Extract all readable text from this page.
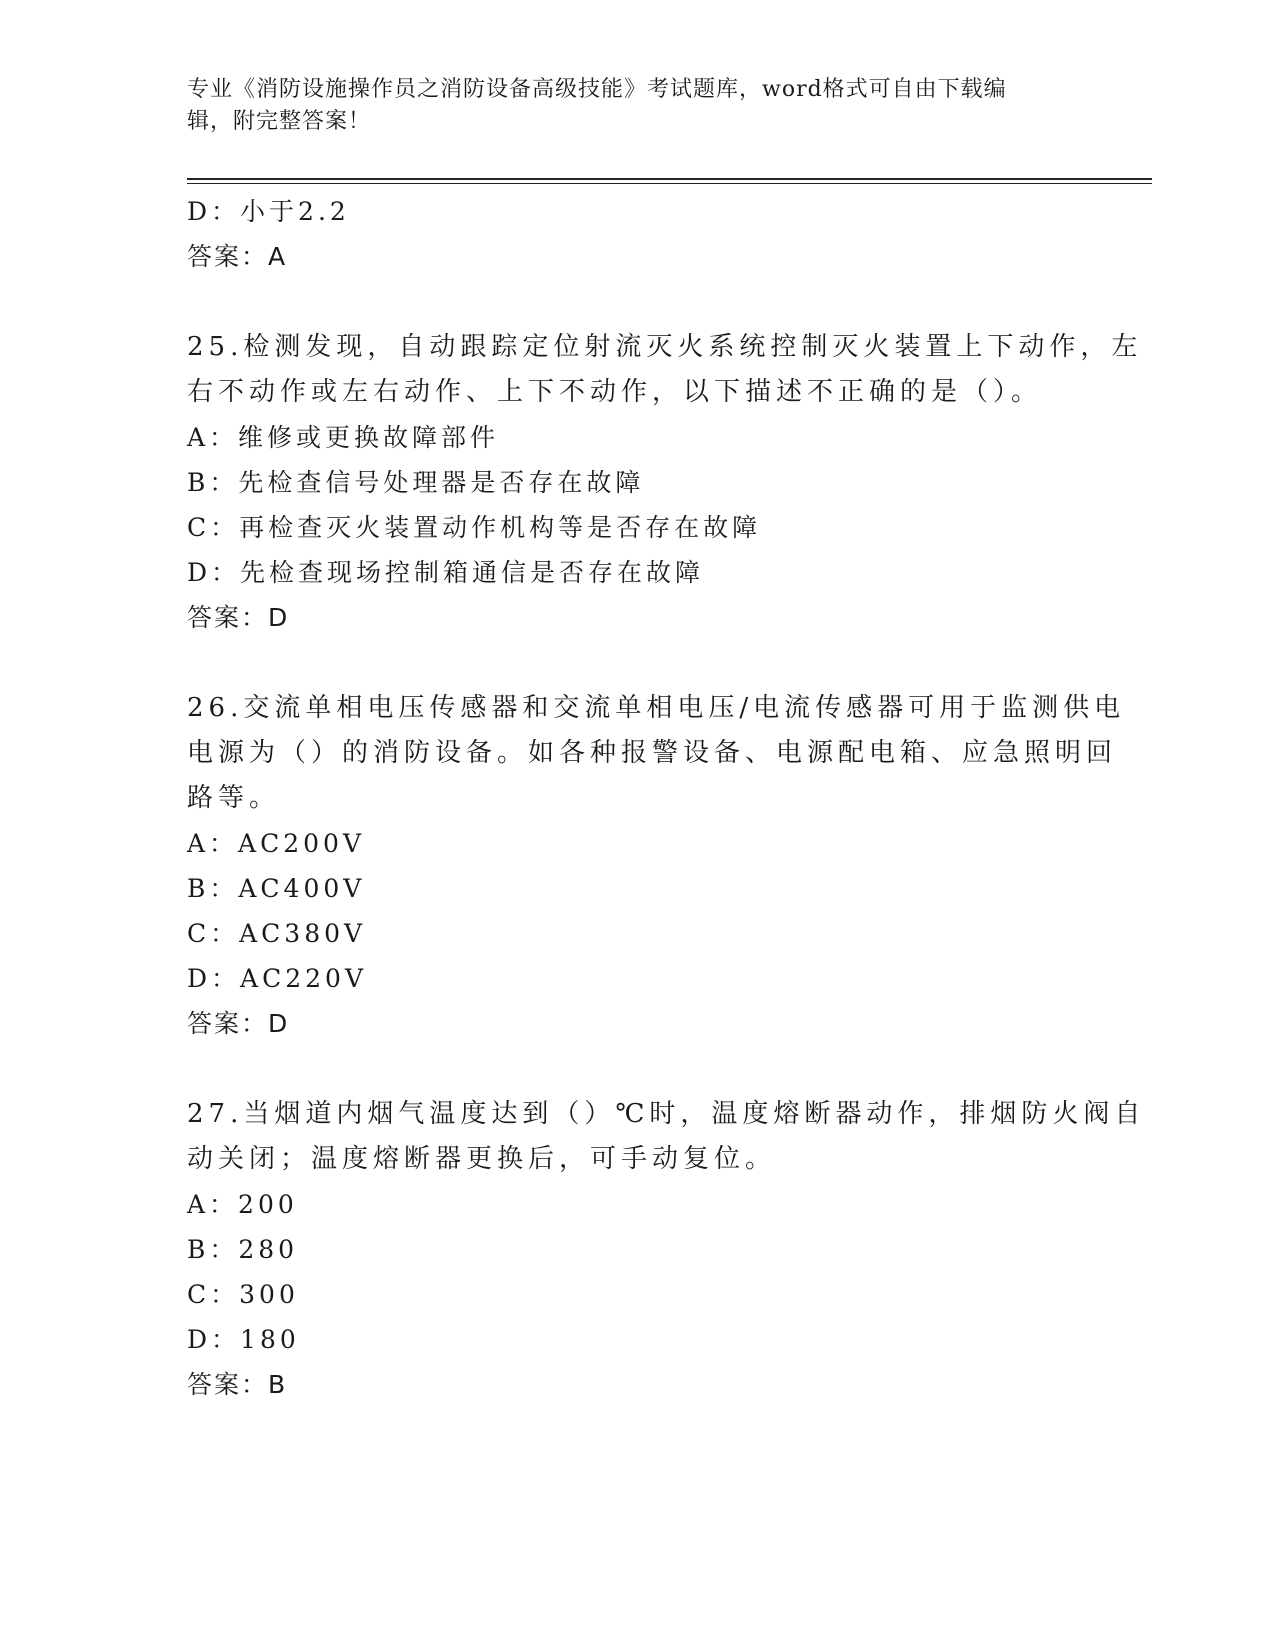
专业《消防设施操作员之消防设备高级技能》考试题库，word格式可自由下载编
辑，附完整答案！
D：小于2.2
答案：A
25.检测发现，自动跟踪定位射流灭火系统控制灭火装置上下动作，左
右不动作或左右动作、上下不动作，以下描述不正确的是（）。
A：维修或更换故障部件
B：先检查信号处理器是否存在故障
C：再检查灭火装置动作机构等是否存在故障
D：先检查现场控制箱通信是否存在故障
答案：D
26.交流单相电压传感器和交流单相电压/电流传感器可用于监测供电
电源为（）的消防设备。如各种报警设备、电源配电箱、应急照明回
路等。
A：AC200V
B：AC400V
C：AC380V
D：AC220V
答案：D
27.当烟道内烟气温度达到（）℃时，温度熔断器动作，排烟防火阀自
动关闭；温度熔断器更换后，可手动复位。
A：200
B：280
C：300
D：180
答案：B
